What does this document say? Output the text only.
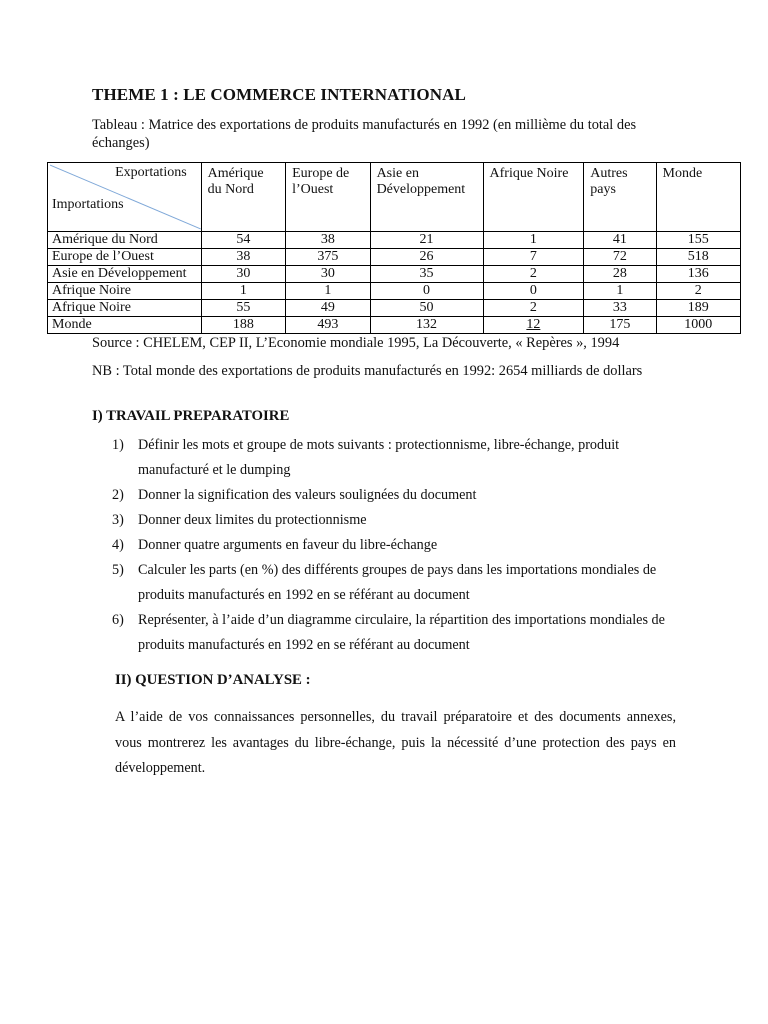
THEME 1 : LE COMMERCE INTERNATIONAL
Tableau : Matrice des exportations de produits manufacturés en 1992 (en millième du total des échanges)
Exportations
Importations	Amérique du Nord	Europe de l’Ouest	Asie en Développement	Afrique Noire	Autres pays	Monde
Amérique du Nord	54	38	21	1	41	155
Europe de l’Ouest	38	375	26	7	72	518
Asie en Développement	30	30	35	2	28	136
Afrique Noire	1	1	0	0	1	2
Afrique Noire	55	49	50	2	33	189
Monde	188	493	132	12	175	1000
Source : CHELEM, CEP II, L’Economie mondiale 1995, La Découverte, « Repères », 1994
NB : Total monde des exportations de produits manufacturés en 1992: 2654 milliards de dollars
I) TRAVAIL PREPARATOIRE
1) Définir les mots et groupe de mots suivants : protectionnisme, libre-échange, produit manufacturé et le dumping
2) Donner la signification des valeurs soulignées du document
3) Donner deux limites du protectionnisme
4) Donner quatre arguments en faveur du libre-échange
5) Calculer les parts (en %) des différents groupes de pays dans les importations mondiales de produits manufacturés en 1992 en se référant au document
6) Représenter, à l’aide d’un diagramme circulaire, la répartition des importations mondiales de produits manufacturés en 1992 en se référant au document
II) QUESTION D’ANALYSE :
A l’aide de vos connaissances personnelles, du travail préparatoire et des documents annexes, vous montrerez les avantages du libre-échange, puis la nécessité d’une protection des pays en développement.
